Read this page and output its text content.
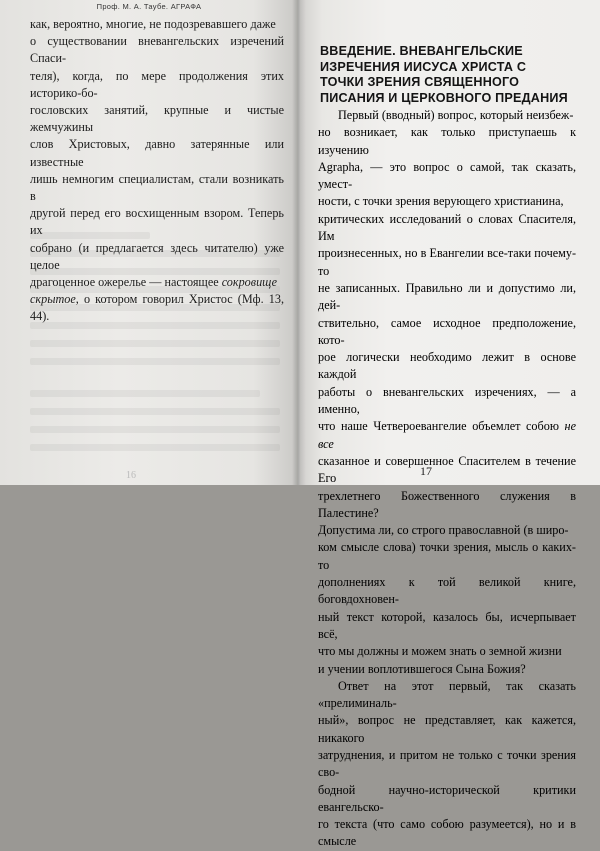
Проф. М. А. Таубе. АГРАФА

как, вероятно, многие, не подозревавшего даже

о существовании вневангельских изречений Спаси-

теля), когда, по мере продолжения этих историко-бо-

гословских занятий, крупные и чистые жемчужины

слов Христовых, давно затерянные или известные

лишь немногим специалистам, стали возникать в

другой перед его восхищенным взором. Теперь их

собрано (и предлагается здесь читателю) уже целое

драгоценное ожерелье — настоящее сокровище

скрытое, о котором говорил Христос (Мф. 13, 44).

16
ВВЕДЕНИЕ. ВНЕВАНГЕЛЬСКИЕ ИЗРЕЧЕНИЯ ИИСУСА ХРИСТА С ТОЧКИ ЗРЕНИЯ СВЯЩЕННОГО ПИСАНИЯ И ЦЕРКОВНОГО ПРЕДАНИЯ

Первый (вводный) вопрос, который неизбеж-

но возникает, как только приступаешь к изучению

Agrapha, — это вопрос о самой, так сказать, умест-

ности, с точки зрения верующего христианина,

критических исследований о словах Спасителя, Им

произнесенных, но в Евангелии все-таки почему-то

не записанных. Правильно ли и допустимо ли, дей-

ствительно, самое исходное предположение, кото-

рое логически необходимо лежит в основе каждой

работы о вневангельских изречениях, — а именно,

что наше Четвероевангелие объемлет собою не все

сказанное и совершенное Спасителем в течение Его

трехлетнего Божественного служения в Палестине?

Допустима ли, со строго православной (в широ-

ком смысле слова) точки зрения, мысль о каких-то

дополнениях к той великой книге, боговдохновен-

ный текст которой, казалось бы, исчерпывает всё,

что мы должны и можем знать о земной жизни

и учении воплотившегося Сына Божия?

Ответ на этот первый, так сказать «прелиминаль-

ный», вопрос не представляет, как кажется, никакого

затруднения, и притом не только с точки зрения сво-

бодной научно-исторической критики евангельско-

го текста (что само собою разумеется), но и в смысле

17
